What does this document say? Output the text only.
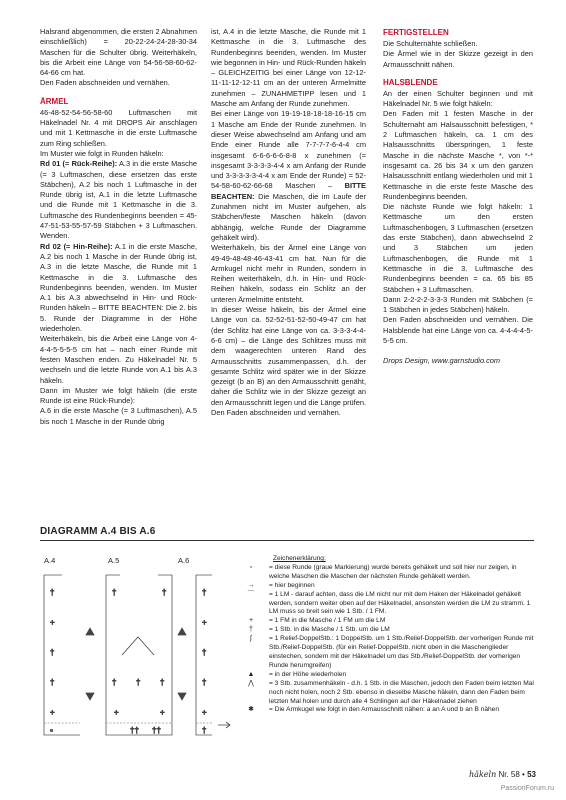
Halsrand abgenommen, die ersten 2 Abnahmen einschließlich) = 20-22-24-24-28-30-34 Maschen für die Schulter übrig. Weiterhäkeln, bis die Arbeit eine Länge von 54-56-58-60-62-64-66 cm hat.

Den Faden abschneiden und vernähen.

ÄRMEL

46-48-52-54-56-58-60 Luftmaschen mit Häkelnadel Nr. 4 mit DROPS Air anschlagen und mit 1 Kettmasche in die erste Luftmasche zum Ring schließen.

Im Muster wie folgt in Runden häkeln:

Rd 01 (= Rück-Reihe): A.3 in die erste Masche (= 3 Luftmaschen, diese ersetzen das erste Stäbchen), A.2 bis noch 1 Luftmasche in der Runde übrig ist, A.1 in die letzte Luftmasche und die Runde mit 1 Kettmasche in die 3. Luftmasche des Rundenbeginns beenden = 45-47-51-53-55-57-59 Stäbchen + 3 Luftmaschen. Wenden.

Rd 02 (= Hin-Reihe): A.1 in die erste Masche, A.2 bis noch 1 Masche in der Runde übrig ist, A.3 in die letzte Masche, die Runde mit 1 Kettmasche in die 3. Luftmasche des Rundenbeginns beenden, wenden. Im Muster A.1 bis A.3 abwechselnd in Hin- und Rück-Runden häkeln – BITTE BEACHTEN: Die 2. bis 5. Runde der Diagramme in der Höhe wiederholen.

Weiterhäkeln, bis die Arbeit eine Länge von 4-4-4-5-5-5-5 cm hat – nach einer Runde mit festen Maschen enden. Zu Häkelnadel Nr. 5 wechseln und die letzte Runde von A.1 bis A.3 häkeln.

Dann im Muster wie folgt häkeln (die erste Runde ist eine Rück-Runde):

A.6 in die erste Masche (= 3 Luftmaschen), A.5 bis noch 1 Masche in der Runde übrig

ist, A.4 in die letzte Masche, die Runde mit 1 Kettmasche in die 3. Luftmasche des Rundenbeginns beenden, wenden. Im Muster wie begonnen in Hin- und Rück-Runden häkeln – GLEICHZEITIG bei einer Länge von 12-12-11-11-12-12-11 cm an der unteren Ärmelmitte zunehmen – ZUNAHMETIPP lesen und 1 Masche am Anfang der Runde zunehmen.

Bei einer Länge von 19-19-18-18-18-16-15 cm 1 Masche am Ende der Runde zunehmen. In dieser Weise abwechselnd am Anfang und am Ende einer Runde alle 7-7-7-7-6-4-4 cm insgesamt 6-6-6-6-6-8-8 x zunehmen (= insgesamt 3-3-3-3-4-4 x am Anfang der Runde und 3-3-3-3-3-4-4 x am Ende der Runde) = 52-54-58-60-62-66-68 Maschen – BITTE BEACHTEN: Die Maschen, die im Laufe der Zunahmen nicht im Muster aufgehen, als Stäbchen/feste Maschen häkeln (davon abhängig, welche Runde der Diagramme gehäkelt wird).

Weiterhäkeln, bis der Ärmel eine Länge von 49-49-48-48-46-43-41 cm hat. Nun für die Armkugel nicht mehr in Runden, sondern in Reihen weiterhäkeln, d.h. in Hin- und Rück-Reihen häkeln, sodass ein Schlitz an der unteren Ärmelmitte entsteht.

In dieser Weise häkeln, bis der Ärmel eine Länge von ca. 52-52-51-52-50-49-47 cm hat (der Schlitz hat eine Länge von ca. 3-3-3-4-4-6-6 cm) – die Länge des Schlitzes muss mit dem waagerechten unteren Rand des Armausschnitts zusammenpassen, d.h. der gesamte Schlitz wird später wie in der Skizze gezeigt (b an B) an den Armausschnitt genäht, daher die Schlitz wie in der Skizze gezeigt an den Armausschnitt legen und die Länge prüfen. Den Faden abschneiden und vernähen.

FERTIGSTELLEN

Die Schulternähte schließen.

Die Ärmel wie in der Skizze gezeigt in den Armausschnitt nähen.

HALSBLENDE

An der einen Schulter beginnen und mit Häkelnadel Nr. 5 wie folgt häkeln:

Den Faden mit 1 festen Masche in der Schulternaht am Halsausschnitt befestigen, * 2 Luftmaschen häkeln, ca. 1 cm des Halsausschnitts überspringen, 1 feste Masche in die nächste Masche *, von *-* insgesamt ca. 26 bis 34 x um den ganzen Halsausschnitt entlang wiederholen und mit 1 Kettmasche in die erste feste Masche des Rundenbeginns beenden.

Die nächste Runde wie folgt häkeln: 1 Kettmasche um den ersten Luftmaschenbogen, 3 Luftmaschen (ersetzen das erste Stäbchen), dann abwechselnd 2 und 3 Stäbchen um jeden Luftmaschenbogen, die Runde mit 1 Kettmasche in die 3. Luftmasche des Rundenbeginns beenden = ca. 65 bis 85 Stäbchen + 3 Luftmaschen.

Dann 2-2-2-2-3-3-3 Runden mit Stäbchen (= 1 Stäbchen in jedes Stäbchen) häkeln.

Den Faden abschneiden und vernähen. Die Halsblende hat eine Länge von ca. 4-4-4-4-5-5-5 cm.

Drops Design, www.garnstudio.com

DIAGRAMM A.4 BIS A.6
A.4	A.5	A.6
†
+
†
†
+
▫
†	†
† † †
+	+
†† ††
†
+
†
†
+
†
Zeichenerklärung:
▫	= diese Runde (graue Markierung) wurde bereits gehäkelt und soll hier nur zeigen, in welche Maschen die Maschen der nächsten Runde gehäkelt werden.
→	= hier beginnen
⌒	= 1 LM - darauf achten, dass die LM nicht nur mit dem Haken der Häkelnadel gehäkelt werden, sondern weiter oben auf der Häkelnadel, ansonsten werden die LM zu stramm. 1 LM muss so breit sein wie 1 Stb. / 1 FM.
+	= 1 FM in die Masche / 1 FM um die LM
†	= 1 Stb. in die Masche / 1 Stb. um die LM
∫	= 1 Relief-DoppelStb.: 1 DoppelStb. um 1 Stb./Relief-DoppelStb. der vorherigen Runde mit Stb./Relief-DoppelStb. (für ein Relief-DoppelStb. nicht oben in die Maschenglieder einstechen, sondern mit der Häkelnadel um das Stb./Relief-DoppelStb. der vorherigen Runde herumgreifen)
▲	= in der Höhe wiederholen
⋀	= 3 Stb. zusammenhäkeln - d.h. 1 Stb. in die Maschen, jedoch den Faden beim letzten Mal noch nicht holen, noch 2 Stb. ebenso in dieselbe Masche häkeln, dann den Faden beim letzten Mal holen und durch alle 4 Schlingen auf der Häkelnadel ziehen
✱	= Die Armkugel wie folgt in den Armausschnitt nähen: a an A und b an B nähen
häkeln Nr. 58 • 53
PassionForum.ru
